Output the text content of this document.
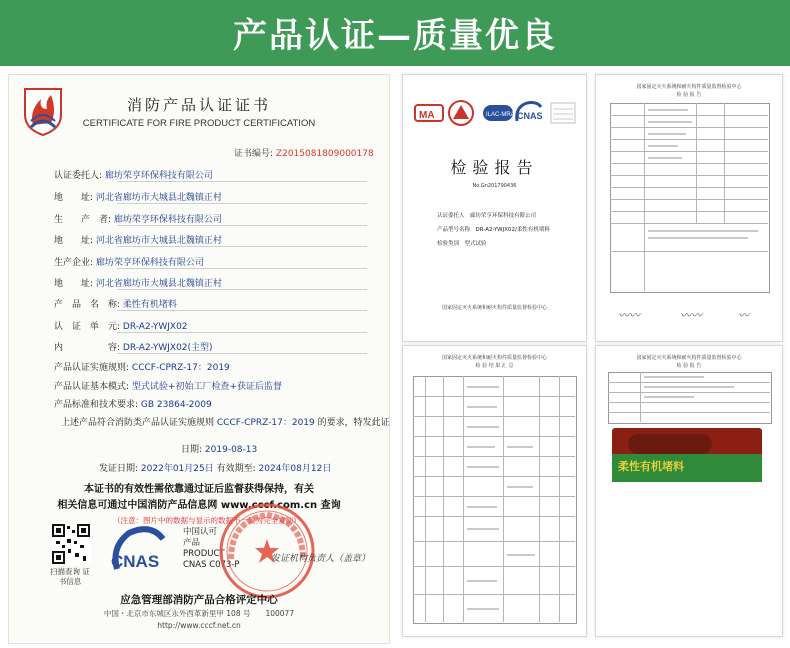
产品认证—质量优良
消防产品认证证书
CERTIFICATE FOR FIRE PRODUCT CERTIFICATION
证书编号: Z2015081809000178
认证委托人: 廊坊荣亨环保科技有限公司
地　　址: 河北省廊坊市大城县北魏镇正村
生　　产　者: 廊坊荣亨环保科技有限公司
地　　址: 河北省廊坊市大城县北魏镇正村
生产企业: 廊坊荣亨环保科技有限公司
地　　址: 河北省廊坊市大城县北魏镇正村
产　品　名　称: 柔性有机堵料
认　证　单　元: DR-A2-YWJX02
内　　　　　容: DR-A2-YWJX02(主型)
产品认证实施规则: CCCF-CPRZ-17：2019
产品认证基本模式: 型式试验+初始工厂检查+获证后监督
产品标准和技术要求: GB 23864-2009
上述产品符合消防类产品认证实施规则 CCCF-CPRZ-17：2019 的要求，特发此证
日期: 2019-08-13
发证日期: 2022年01月25日 有效期至: 2024年08月12日
本证书的有效性需依靠通过证后监督获得保持，有关
相关信息可通过中国消防产品信息网 www.cccf.com.cn 查询
（注意：图片中的数据与显示的数据不一致为完全复制）
扫描查询 证书信息
CNAS
中国认可
产品
PRODUCT
CNAS C073-P
发证机构负责人（盖章）
应急管理部消防产品合格评定中心
中国・北京市东城区永外西革新里甲 108 号　　100077
http://www.cccf.net.cn
MA	ILAC-MRA CNAS
检验报告
No.Gn201790436
认证委托人　 廊坊荣亨环保科技有限公司
产品型号名称　 DR-A2-YWJX02/柔性有机堵料
检验类别　 型式试验
国家固定灭火系统和耐火构件质量监督检验中心
国家固定灭火系统和耐火构件质量监督检验中心
检 验 报 告
〰〰	〰〰	〰
国家固定灭火系统和耐火构件质量监督检验中心
检 验 结 果 汇 总
国家固定灭火系统和耐火构件质量监督检验中心
检 验 报 告
柔性有机堵料
